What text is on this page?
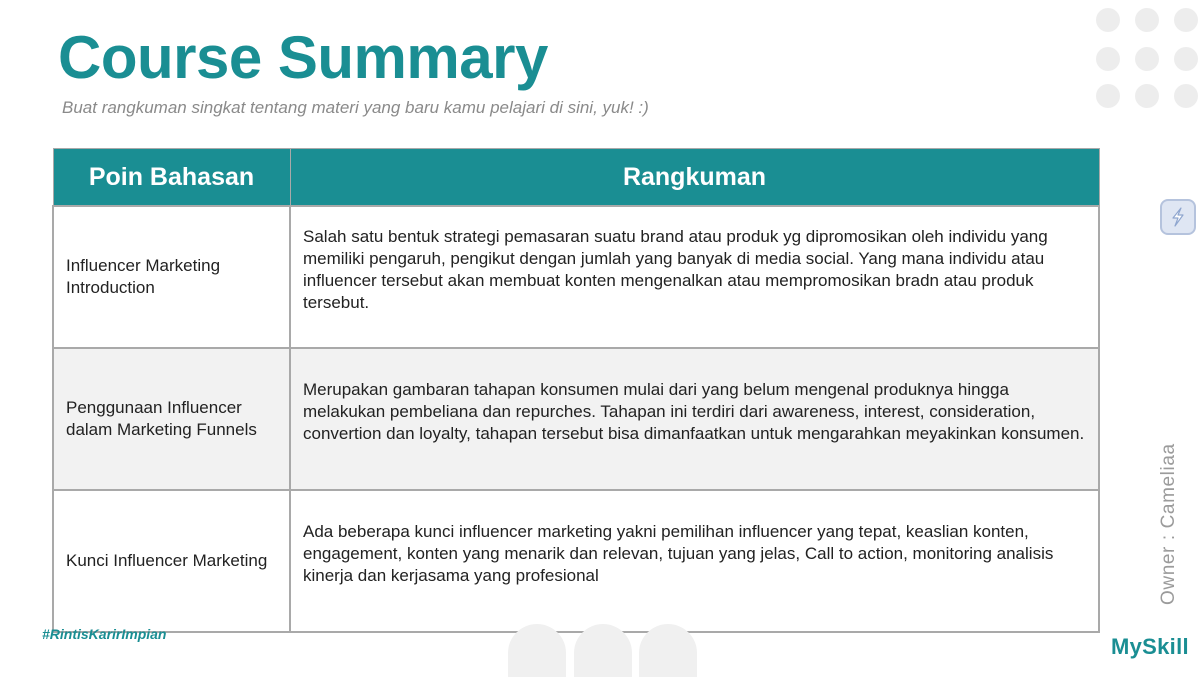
Course Summary
Buat rangkuman singkat tentang materi yang baru kamu pelajari di sini, yuk! :)
Poin Bahasan	Rangkuman
Influencer Marketing Introduction	Salah satu bentuk strategi pemasaran suatu brand atau produk yg dipromosikan oleh individu yang memiliki pengaruh, pengikut dengan jumlah yang banyak di media social. Yang mana individu atau influencer tersebut akan membuat konten mengenalkan atau mempromosikan bradn atau produk tersebut.
Penggunaan Influencer dalam Marketing Funnels	Merupakan gambaran tahapan konsumen mulai dari yang belum mengenal produknya hingga melakukan pembeliana dan repurches. Tahapan ini terdiri dari awareness, interest, consideration, convertion dan loyalty, tahapan tersebut bisa dimanfaatkan untuk mengarahkan meyakinkan konsumen.
Kunci Influencer Marketing	Ada beberapa kunci influencer marketing yakni pemilihan influencer yang tepat, keaslian konten, engagement, konten yang menarik dan relevan, tujuan yang jelas, Call to action, monitoring analisis kinerja dan kerjasama yang profesional	Owner : Cameliaa
#RintisKarirImpian	MySkill
